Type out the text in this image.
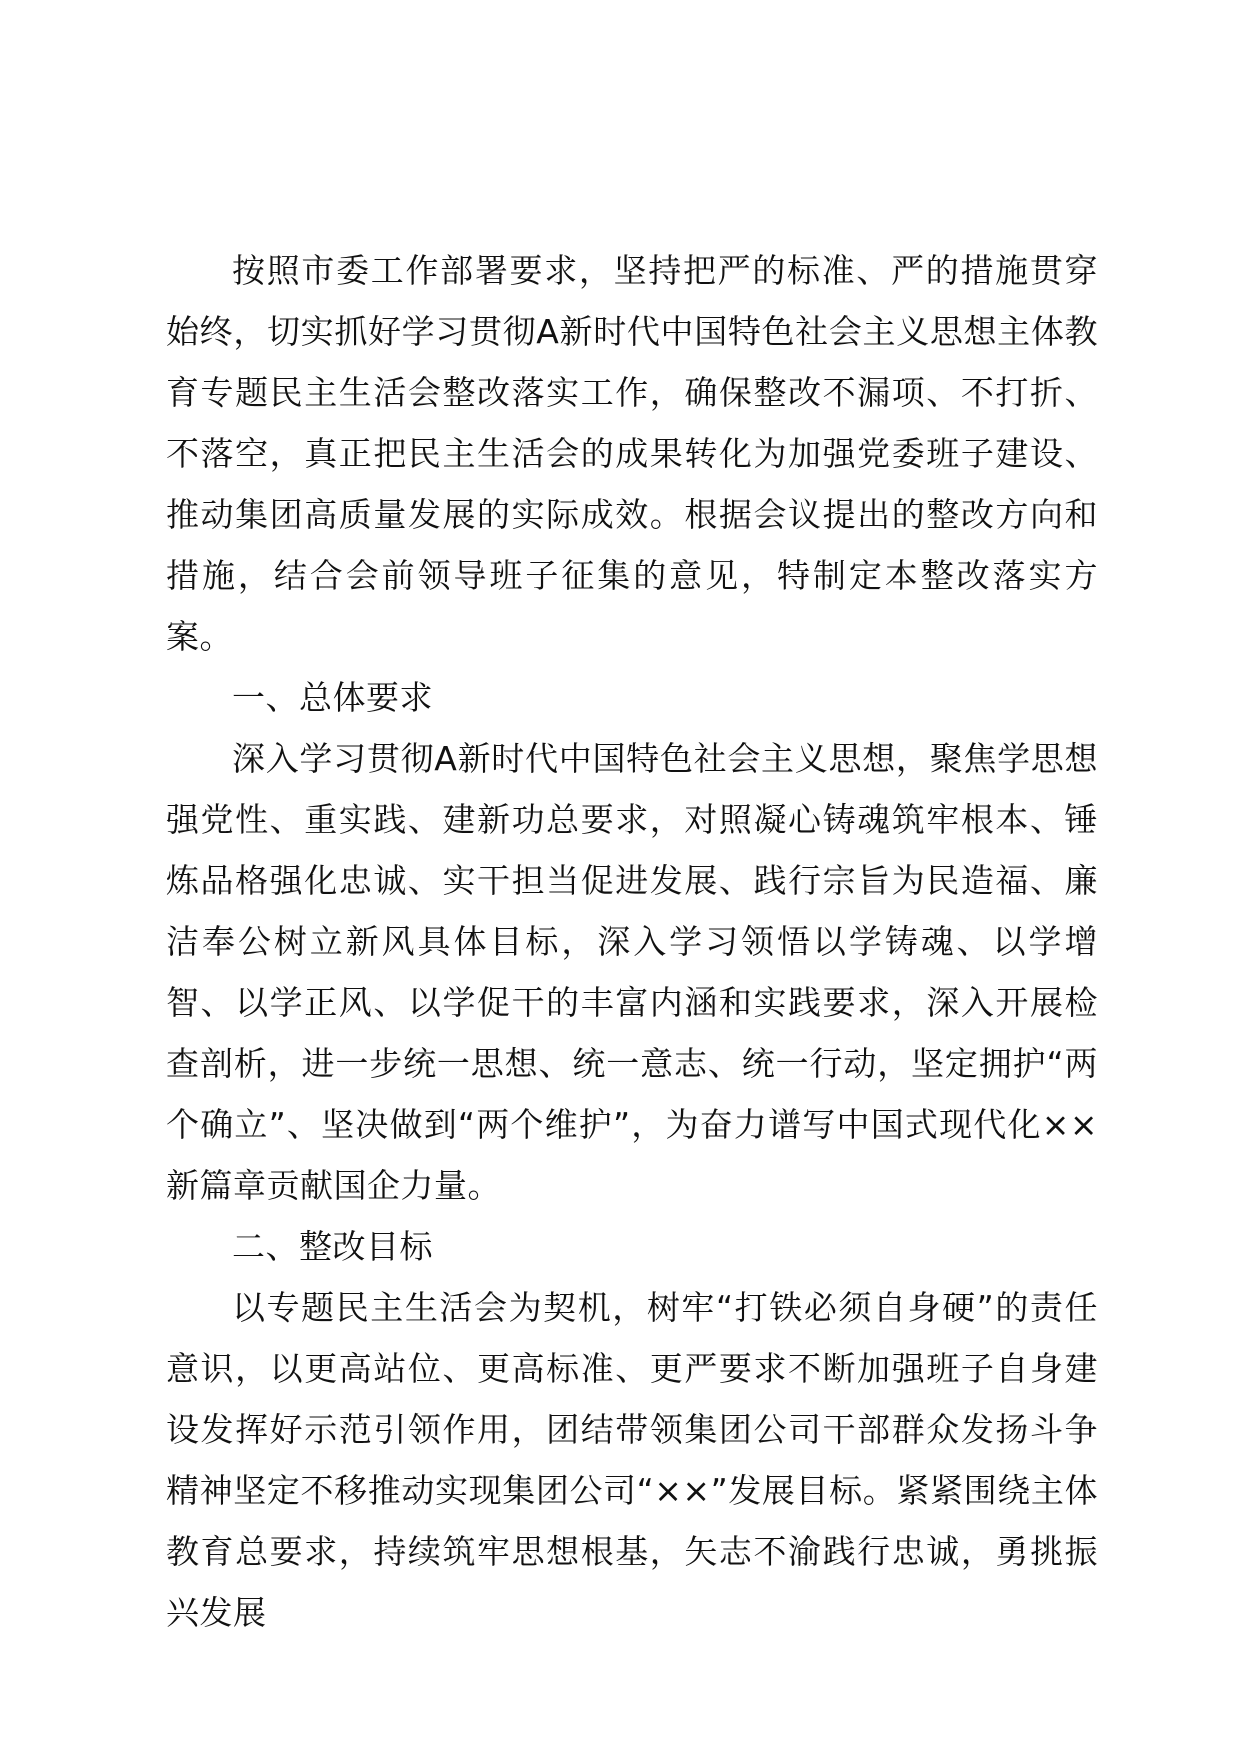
按照市委工作部署要求，坚持把严的标准、严的措施贯穿始终，切实抓好学习贯彻A新时代中国特色社会主义思想主体教育专题民主生活会整改落实工作，确保整改不漏项、不打折、不落空，真正把民主生活会的成果转化为加强党委班子建设、推动集团高质量发展的实际成效。根据会议提出的整改方向和措施，结合会前领导班子征集的意见，特制定本整改落实方案。

一、总体要求

深入学习贯彻A新时代中国特色社会主义思想，聚焦学思想强党性、重实践、建新功总要求，对照凝心铸魂筑牢根本、锤炼品格强化忠诚、实干担当促进发展、践行宗旨为民造福、廉洁奉公树立新风具体目标，深入学习领悟以学铸魂、以学增智、以学正风、以学促干的丰富内涵和实践要求，深入开展检查剖析，进一步统一思想、统一意志、统一行动，坚定拥护“两个确立”、坚决做到“两个维护”，为奋力谱写中国式现代化××新篇章贡献国企力量。

二、整改目标

以专题民主生活会为契机，树牢“打铁必须自身硬”的责任意识，以更高站位、更高标准、更严要求不断加强班子自身建设发挥好示范引领作用，团结带领集团公司干部群众发扬斗争精神坚定不移推动实现集团公司“××”发展目标。紧紧围绕主体教育总要求，持续筑牢思想根基，矢志不渝践行忠诚，勇挑振兴发展
